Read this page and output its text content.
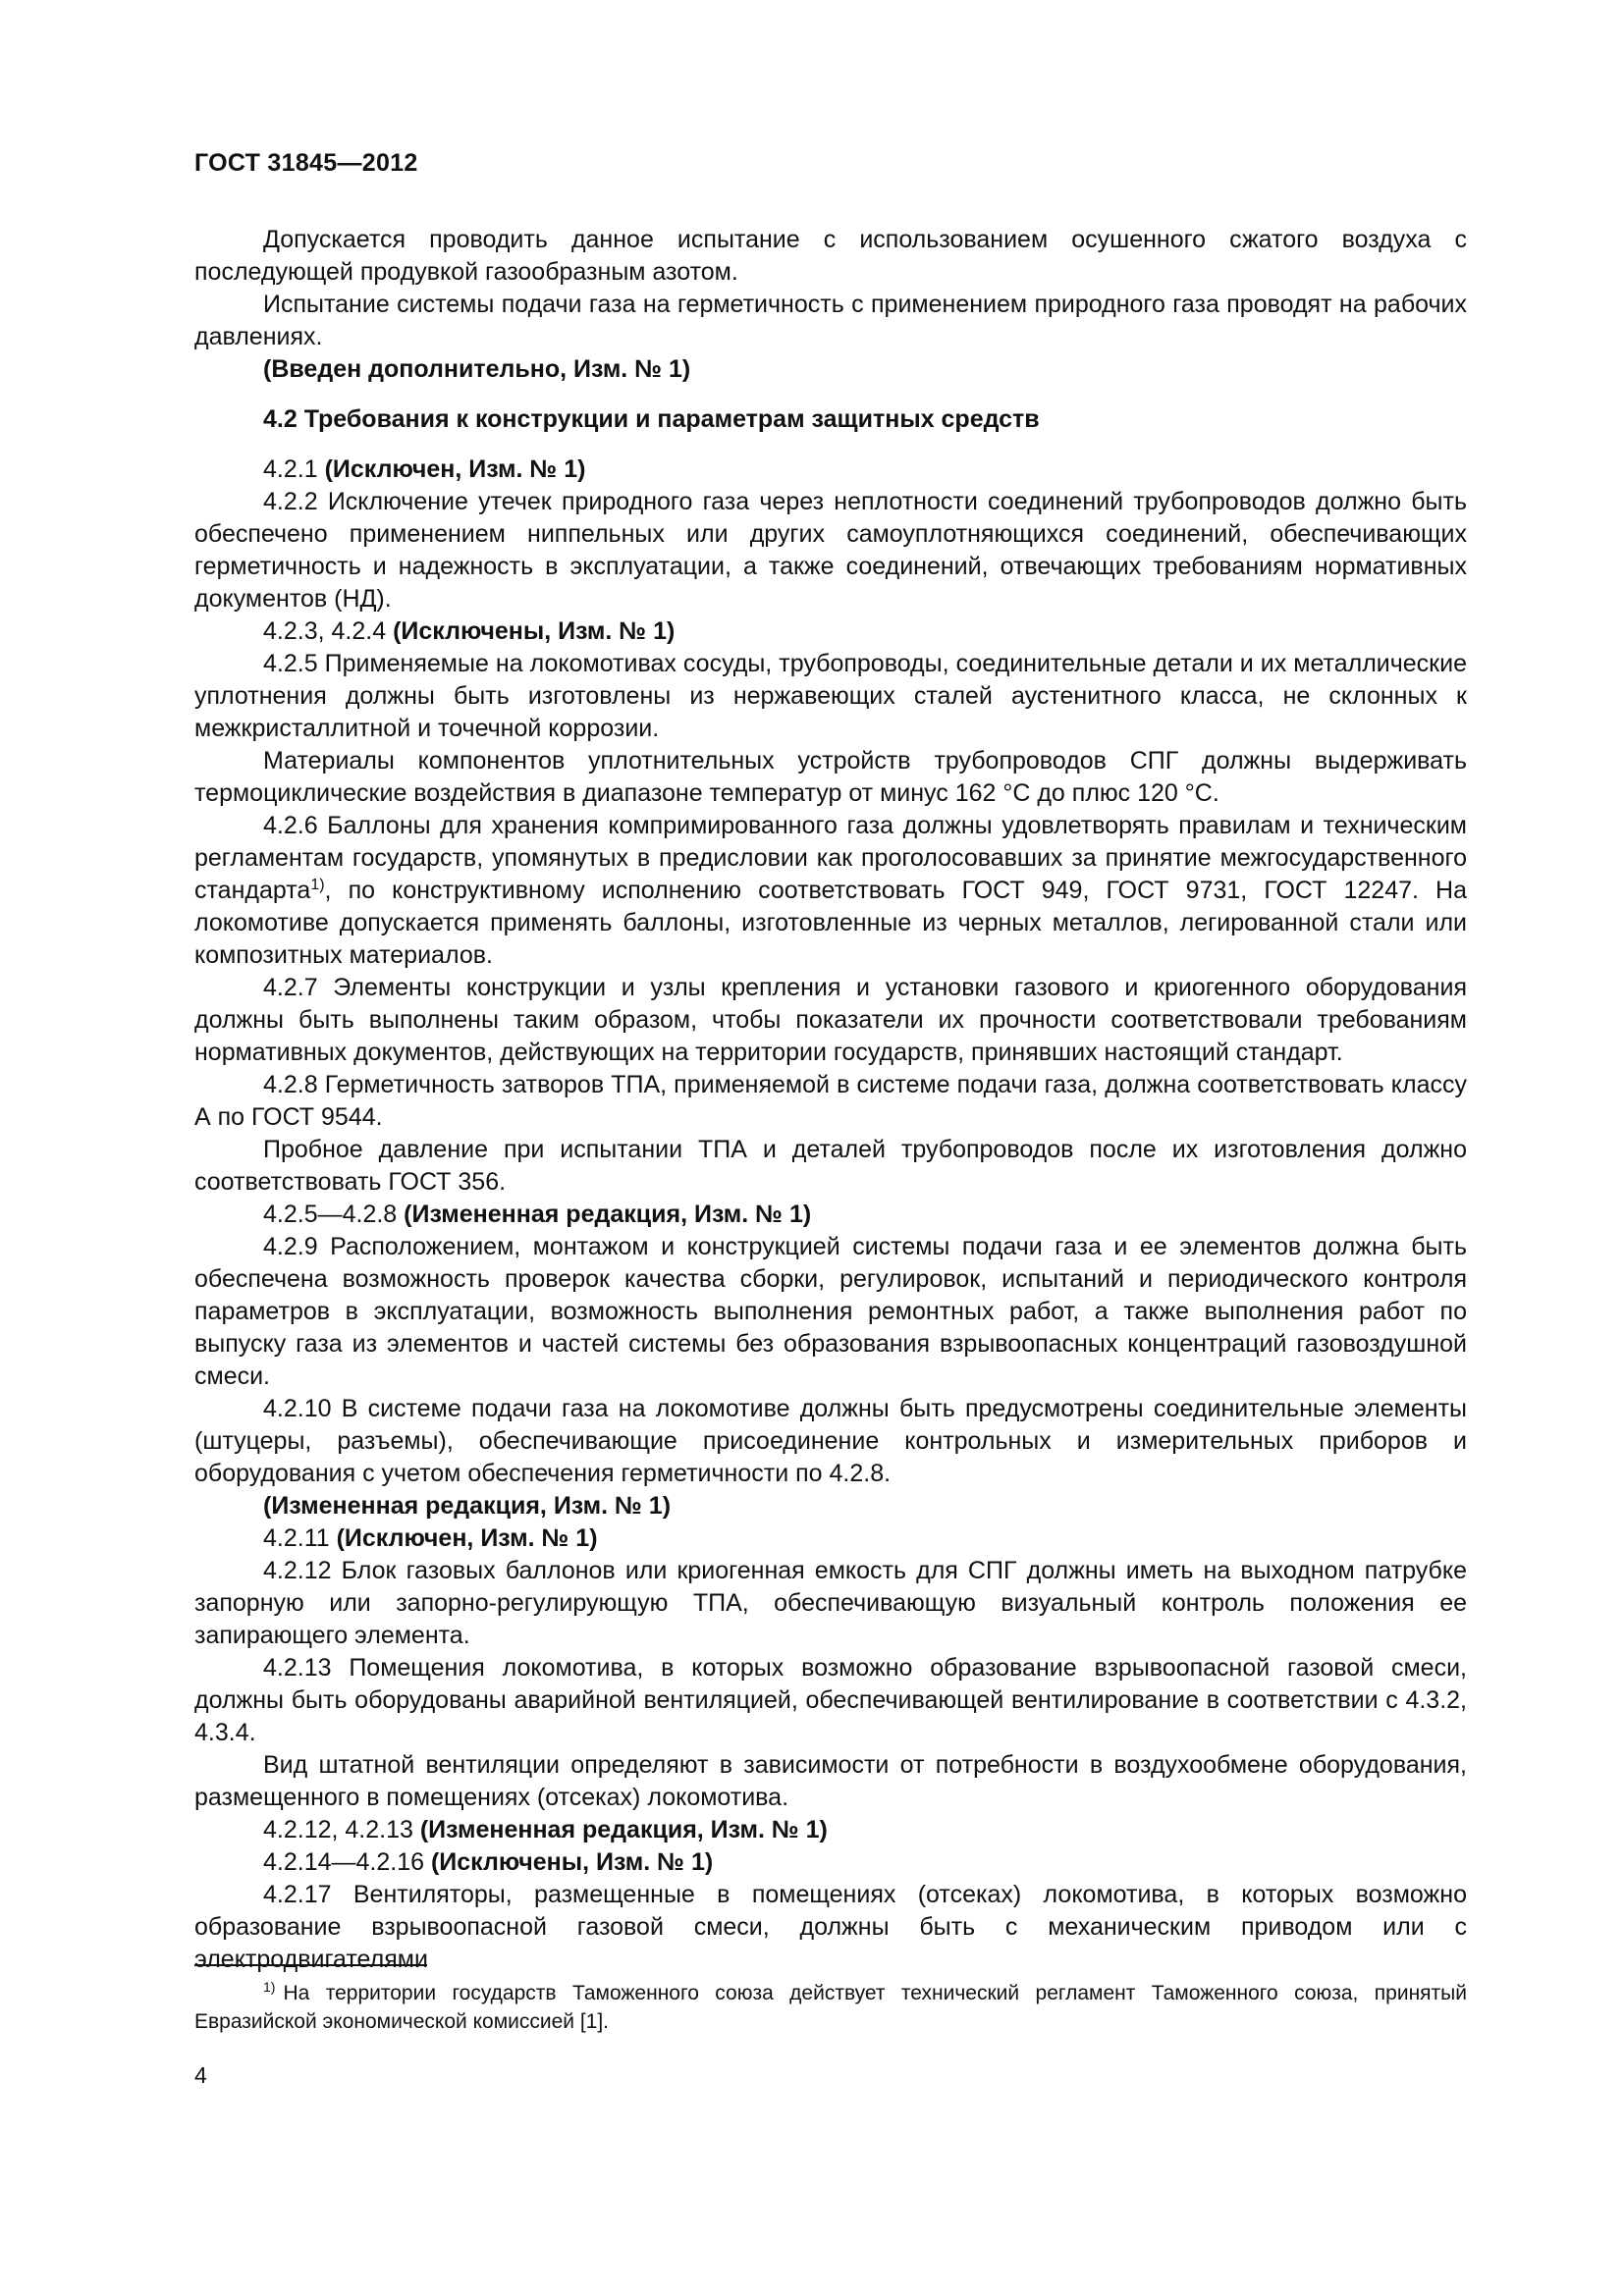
ГОСТ 31845—2012

Допускается проводить данное испытание с использованием осушенного сжатого воздуха с последующей продувкой газообразным азотом.

Испытание системы подачи газа на герметичность с применением природного газа проводят на рабочих давлениях.

(Введен дополнительно, Изм. № 1)

4.2 Требования к конструкции и параметрам защитных средств

4.2.1 (Исключен, Изм. № 1)

4.2.2 Исключение утечек природного газа через неплотности соединений трубопроводов должно быть обеспечено применением ниппельных или других самоуплотняющихся соединений, обеспечивающих герметичность и надежность в эксплуатации, а также соединений, отвечающих требованиям нормативных документов (НД).

4.2.3, 4.2.4 (Исключены, Изм. № 1)

4.2.5 Применяемые на локомотивах сосуды, трубопроводы, соединительные детали и их металлические уплотнения должны быть изготовлены из нержавеющих сталей аустенитного класса, не склонных к межкристаллитной и точечной коррозии.

Материалы компонентов уплотнительных устройств трубопроводов СПГ должны выдерживать термоциклические воздействия в диапазоне температур от минус 162 °С до плюс 120 °С.

4.2.6 Баллоны для хранения компримированного газа должны удовлетворять правилам и техническим регламентам государств, упомянутых в предисловии как проголосовавших за принятие межгосударственного стандарта$^{1)}$, по конструктивному исполнению соответствовать ГОСТ 949, ГОСТ 9731, ГОСТ 12247. На локомотиве допускается применять баллоны, изготовленные из черных металлов, легированной стали или композитных материалов.

4.2.7 Элементы конструкции и узлы крепления и установки газового и криогенного оборудования должны быть выполнены таким образом, чтобы показатели их прочности соответствовали требованиям нормативных документов, действующих на территории государств, принявших настоящий стандарт.

4.2.8 Герметичность затворов ТПА, применяемой в системе подачи газа, должна соответствовать классу А по ГОСТ 9544.

Пробное давление при испытании ТПА и деталей трубопроводов после их изготовления должно соответствовать ГОСТ 356.

4.2.5—4.2.8 (Измененная редакция, Изм. № 1)

4.2.9 Расположением, монтажом и конструкцией системы подачи газа и ее элементов должна быть обеспечена возможность проверок качества сборки, регулировок, испытаний и периодического контроля параметров в эксплуатации, возможность выполнения ремонтных работ, а также выполнения работ по выпуску газа из элементов и частей системы без образования взрывоопасных концентраций газовоздушной смеси.

4.2.10 В системе подачи газа на локомотиве должны быть предусмотрены соединительные элементы (штуцеры, разъемы), обеспечивающие присоединение контрольных и измерительных приборов и оборудования с учетом обеспечения герметичности по 4.2.8.

(Измененная редакция, Изм. № 1)

4.2.11 (Исключен, Изм. № 1)

4.2.12 Блок газовых баллонов или криогенная емкость для СПГ должны иметь на выходном патрубке запорную или запорно-регулирующую ТПА, обеспечивающую визуальный контроль положения ее запирающего элемента.

4.2.13 Помещения локомотива, в которых возможно образование взрывоопасной газовой смеси, должны быть оборудованы аварийной вентиляцией, обеспечивающей вентилирование в соответствии с 4.3.2, 4.3.4.

Вид штатной вентиляции определяют в зависимости от потребности в воздухообмене оборудования, размещенного в помещениях (отсеках) локомотива.

4.2.12, 4.2.13 (Измененная редакция, Изм. № 1)

4.2.14—4.2.16 (Исключены, Изм. № 1)

4.2.17 Вентиляторы, размещенные в помещениях (отсеках) локомотива, в которых возможно образование взрывоопасной газовой смеси, должны быть с механическим приводом или с электродвигателями

$^{1)}$ На территории государств Таможенного союза действует технический регламент Таможенного союза, принятый Евразийской экономической комиссией [1].
4
